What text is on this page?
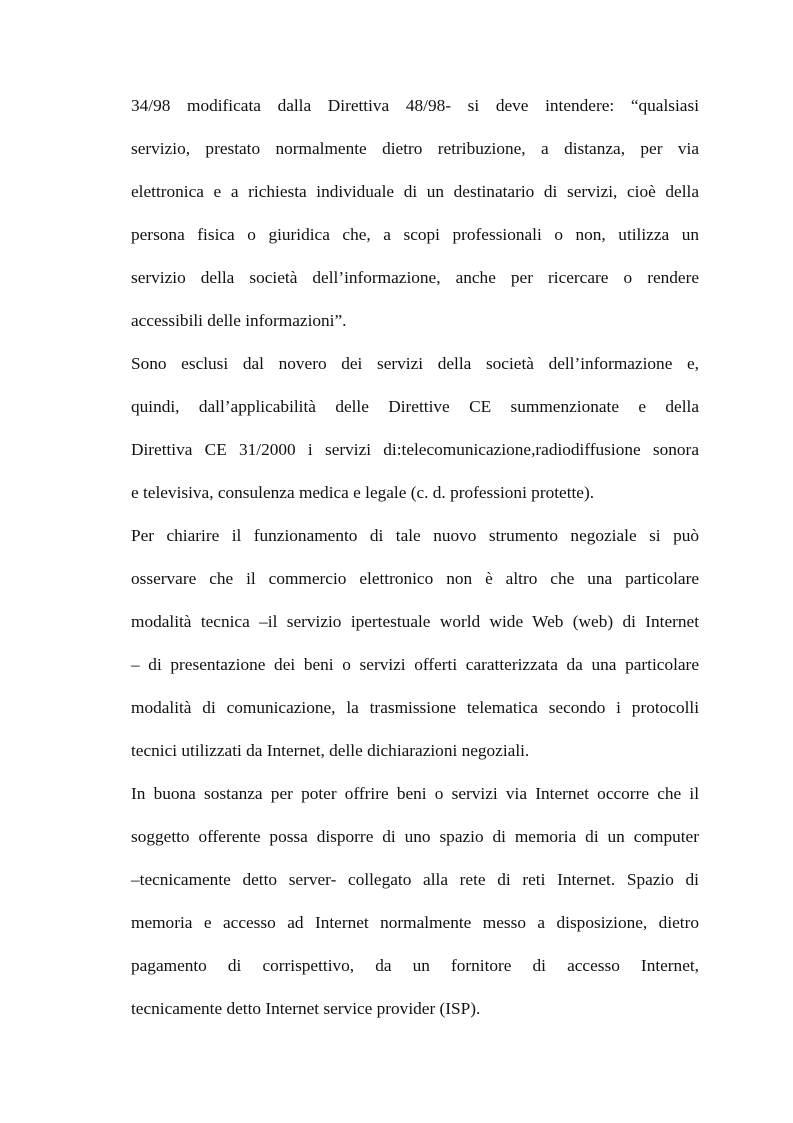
34/98 modificata dalla Direttiva 48/98- si deve intendere: “qualsiasi
servizio, prestato normalmente dietro retribuzione, a distanza, per via
elettronica e a richiesta individuale di un destinatario di servizi, cioè della
persona fisica o giuridica che, a scopi professionali o non, utilizza un
servizio della società dell’informazione, anche per ricercare o rendere
accessibili delle informazioni”.
Sono esclusi dal novero dei servizi della società dell’informazione e,
quindi, dall’applicabilità delle Direttive CE summenzionate e della
Direttiva CE 31/2000 i servizi di:telecomunicazione,radiodiffusione sonora
e televisiva, consulenza medica e legale (c. d. professioni protette).
Per chiarire il funzionamento di tale nuovo strumento negoziale si può
osservare che il commercio elettronico non è altro che una particolare
modalità tecnica –il servizio ipertestuale world wide Web (web) di Internet
– di presentazione dei beni o servizi offerti caratterizzata da una particolare
modalità di comunicazione, la trasmissione telematica secondo i protocolli
tecnici utilizzati da Internet, delle dichiarazioni negoziali.
In buona sostanza per poter offrire beni o servizi via Internet occorre che il
soggetto offerente possa disporre di uno spazio di memoria di un computer
–tecnicamente detto server- collegato alla rete di reti Internet. Spazio di
memoria e accesso ad Internet normalmente messo a disposizione, dietro
pagamento di corrispettivo, da un fornitore di accesso Internet,
tecnicamente detto Internet service provider (ISP).
